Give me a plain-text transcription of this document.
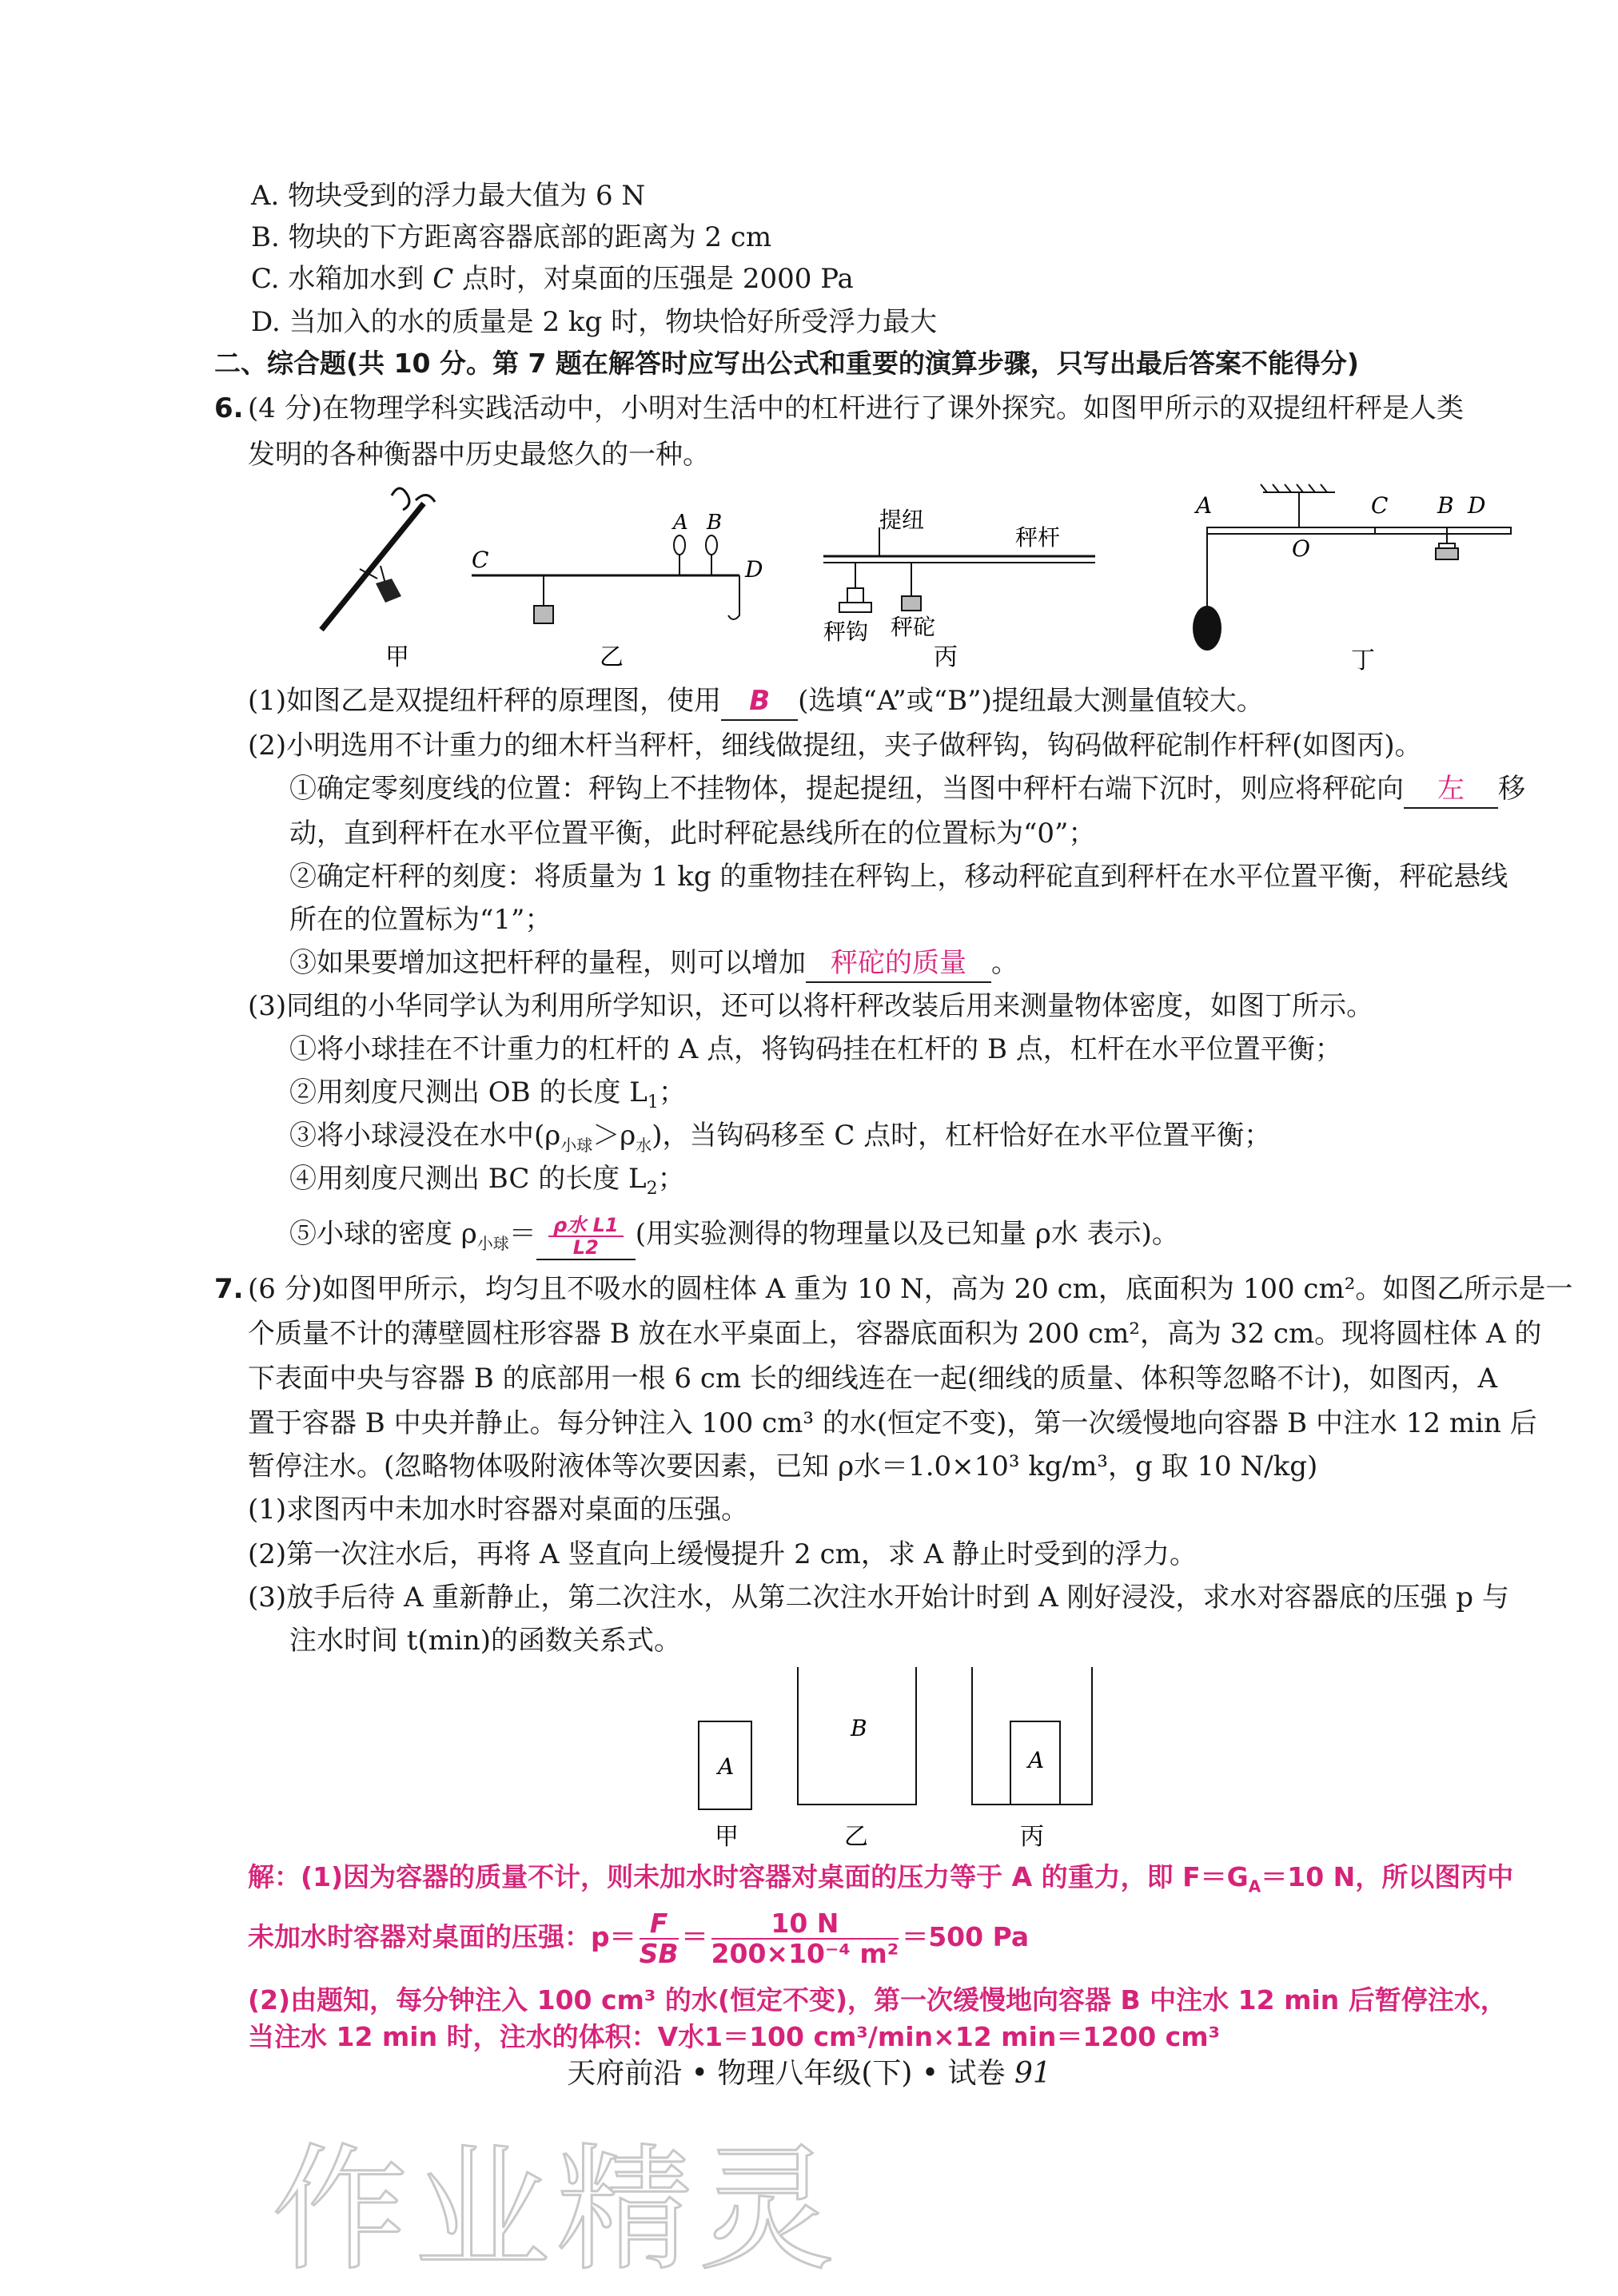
A. 物块受到的浮力最大值为 6 N
B. 物块的下方距离容器底部的距离为 2 cm
C. 水箱加水到 C 点时，对桌面的压强是 2000 Pa
D. 当加入的水的质量是 2 kg 时，物块恰好所受浮力最大
二、综合题(共 10 分。第 7 题在解答时应写出公式和重要的演算步骤，只写出最后答案不能得分)
6. (4 分)在物理学科实践活动中，小明对生活中的杠杆进行了课外探究。如图甲所示的双提纽杆秤是人类
发明的各种衡器中历史最悠久的一种。
甲
C
A B
D
乙
提纽
秤杆
秤钩 秤砣
丙
A	C B D
O
丁
(1)如图乙是双提纽杆秤的原理图，使用 B (选填“A”或“B”)提纽最大测量值较大。
(2)小明选用不计重力的细木杆当秤杆，细线做提纽，夹子做秤钩，钩码做秤砣制作杆秤(如图丙)。
①确定零刻度线的位置：秤钩上不挂物体，提起提纽，当图中秤杆右端下沉时，则应将秤砣向 左 移
动，直到秤杆在水平位置平衡，此时秤砣悬线所在的位置标为“0”；
②确定杆秤的刻度：将质量为 1 kg 的重物挂在秤钩上，移动秤砣直到秤杆在水平位置平衡，秤砣悬线
所在的位置标为“1”；
③如果要增加这把杆秤的量程，则可以增加 秤砣的质量 。
(3)同组的小华同学认为利用所学知识，还可以将杆秤改装后用来测量物体密度，如图丁所示。
①将小球挂在不计重力的杠杆的 A 点，将钩码挂在杠杆的 B 点，杠杆在水平位置平衡；
②用刻度尺测出 OB 的长度 $L_1$；
③将小球浸没在水中$(\rho_{小球}>\rho_水)$，当钩码移至 C 点时，杠杆恰好在水平位置平衡；
④用刻度尺测出 BC 的长度 $L_2$；
⑤小球的密度 $\rho_{小球}= \frac{\text{ρ水 L1}}{L2}$ (用实验测得的物理量以及已知量 ρ水 表示)。
7. (6 分)如图甲所示，均匀且不吸水的圆柱体 A 重为 10 N，高为 20 cm，底面积为 100 cm²。如图乙所示是一
个质量不计的薄壁圆柱形容器 B 放在水平桌面上，容器底面积为 200 cm²，高为 32 cm。现将圆柱体 A 的
下表面中央与容器 B 的底部用一根 6 cm 长的细线连在一起(细线的质量、体积等忽略不计)，如图丙，A
置于容器 B 中央并静止。每分钟注入 100 cm³ 的水(恒定不变)，第一次缓慢地向容器 B 中注水 12 min 后
暂停注水。(忽略物体吸附液体等次要因素，已知 ρ水＝1.0×10³ kg/m³，g 取 10 N/kg)
(1)求图丙中未加水时容器对桌面的压强。
(2)第一次注水后，再将 A 竖直向上缓慢提升 2 cm，求 A 静止时受到的浮力。
(3)放手后待 A 重新静止，第二次注水，从第二次注水开始计时到 A 刚好浸没，求水对容器底的压强 p 与
注水时间 t(min)的函数关系式。
A
B
A
甲	乙	丙
解：(1)因为容器的质量不计，则未加水时容器对桌面的压力等于 A 的重力，即 $F=G_A=10$ N，所以图丙中
未加水时容器对桌面的压强：$p= \frac{F}{SB} = \frac{10 N}{\text{200×10⁻⁴ m²}} =500$ Pa
(2)由题知，每分钟注入 100 cm³ 的水(恒定不变)，第一次缓慢地向容器 B 中注水 12 min 后暂停注水，
天府前沿 • 物理八年级(下) • 试卷 91
当注水 12 min 时，注水的体积：V水1＝100 cm³/min×12 min＝1200 cm³
作业精灵
